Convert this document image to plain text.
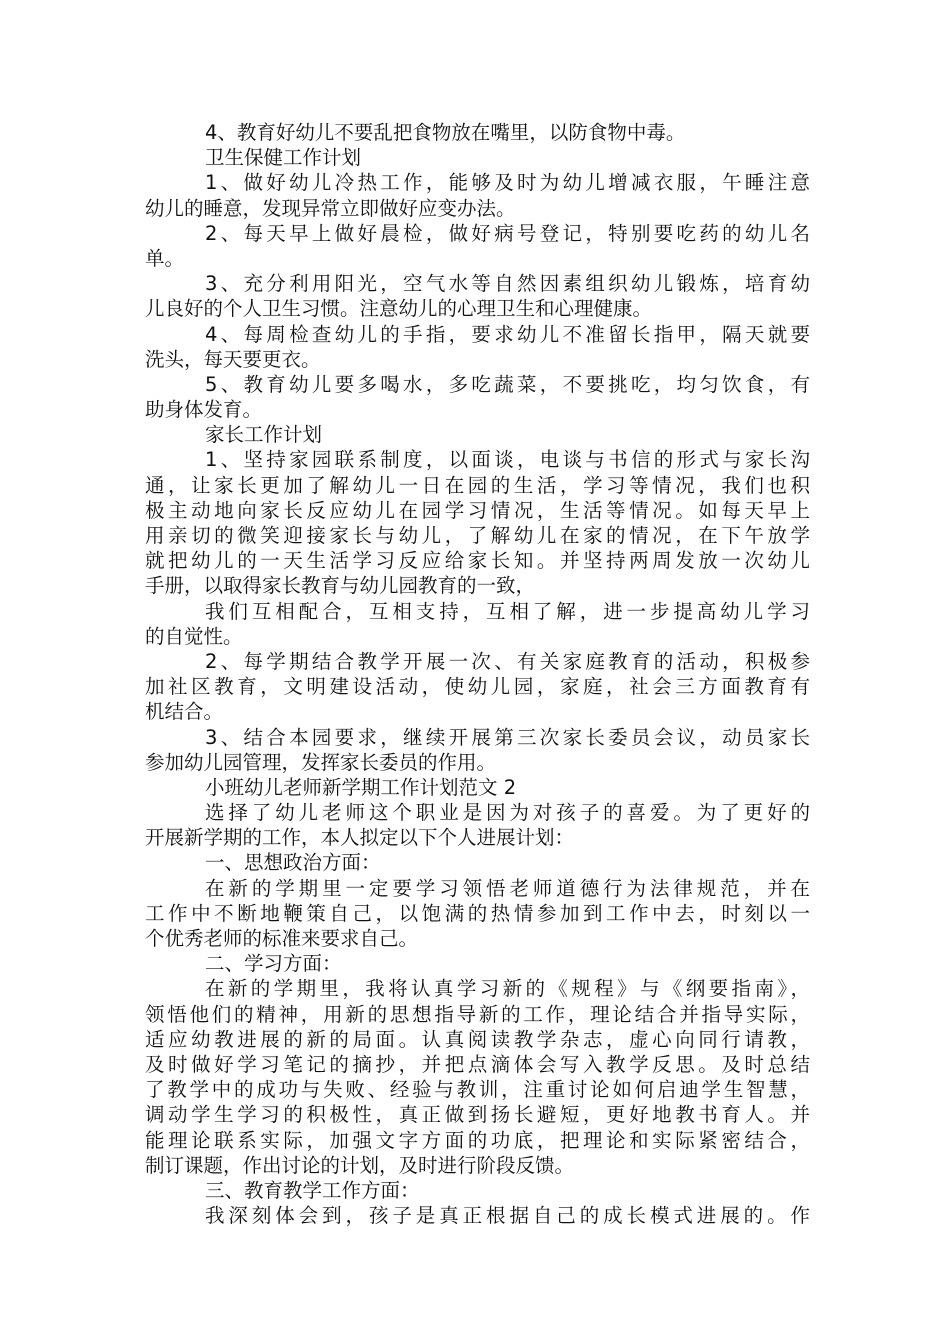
4、教育好幼儿不要乱把食物放在嘴里，以防食物中毒。
卫生保健工作计划
1、做好幼儿冷热工作，能够及时为幼儿增减衣服，午睡注意
幼儿的睡意，发现异常立即做好应变办法。
2、每天早上做好晨检，做好病号登记，特别要吃药的幼儿名
单。
3、充分利用阳光，空气水等自然因素组织幼儿锻炼，培育幼
儿良好的个人卫生习惯。注意幼儿的心理卫生和心理健康。
4、每周检查幼儿的手指，要求幼儿不准留长指甲，隔天就要
洗头，每天要更衣。
5、教育幼儿要多喝水，多吃蔬菜，不要挑吃，均匀饮食，有
助身体发育。
家长工作计划
1、坚持家园联系制度，以面谈，电谈与书信的形式与家长沟
通，让家长更加了解幼儿一日在园的生活，学习等情况，我们也积
极主动地向家长反应幼儿在园学习情况，生活等情况。如每天早上
用亲切的微笑迎接家长与幼儿，了解幼儿在家的情况，在下午放学
就把幼儿的一天生活学习反应给家长知。并坚持两周发放一次幼儿
手册，以取得家长教育与幼儿园教育的一致，
我们互相配合，互相支持，互相了解，进一步提高幼儿学习
的自觉性。
2、每学期结合教学开展一次、有关家庭教育的活动，积极参
加社区教育，文明建设活动，使幼儿园，家庭，社会三方面教育有
机结合。
3、结合本园要求，继续开展第三次家长委员会议，动员家长
参加幼儿园管理，发挥家长委员的作用。
小班幼儿老师新学期工作计划范文 2
选择了幼儿老师这个职业是因为对孩子的喜爱。为了更好的
开展新学期的工作，本人拟定以下个人进展计划：
一、思想政治方面：
在新的学期里一定要学习领悟老师道德行为法律规范，并在
工作中不断地鞭策自己，以饱满的热情参加到工作中去，时刻以一
个优秀老师的标准来要求自己。
二、学习方面：
在新的学期里，我将认真学习新的《规程》与《纲要指南》，
领悟他们的精神，用新的思想指导新的工作，理论结合并指导实际，
适应幼教进展的新的局面。认真阅读教学杂志，虚心向同行请教，
及时做好学习笔记的摘抄，并把点滴体会写入教学反思。及时总结
了教学中的成功与失败、经验与教训，注重讨论如何启迪学生智慧，
调动学生学习的积极性，真正做到扬长避短，更好地教书育人。并
能理论联系实际，加强文字方面的功底，把理论和实际紧密结合，
制订课题，作出讨论的计划，及时进行阶段反馈。
三、教育教学工作方面：
我深刻体会到，孩子是真正根据自己的成长模式进展的。作
